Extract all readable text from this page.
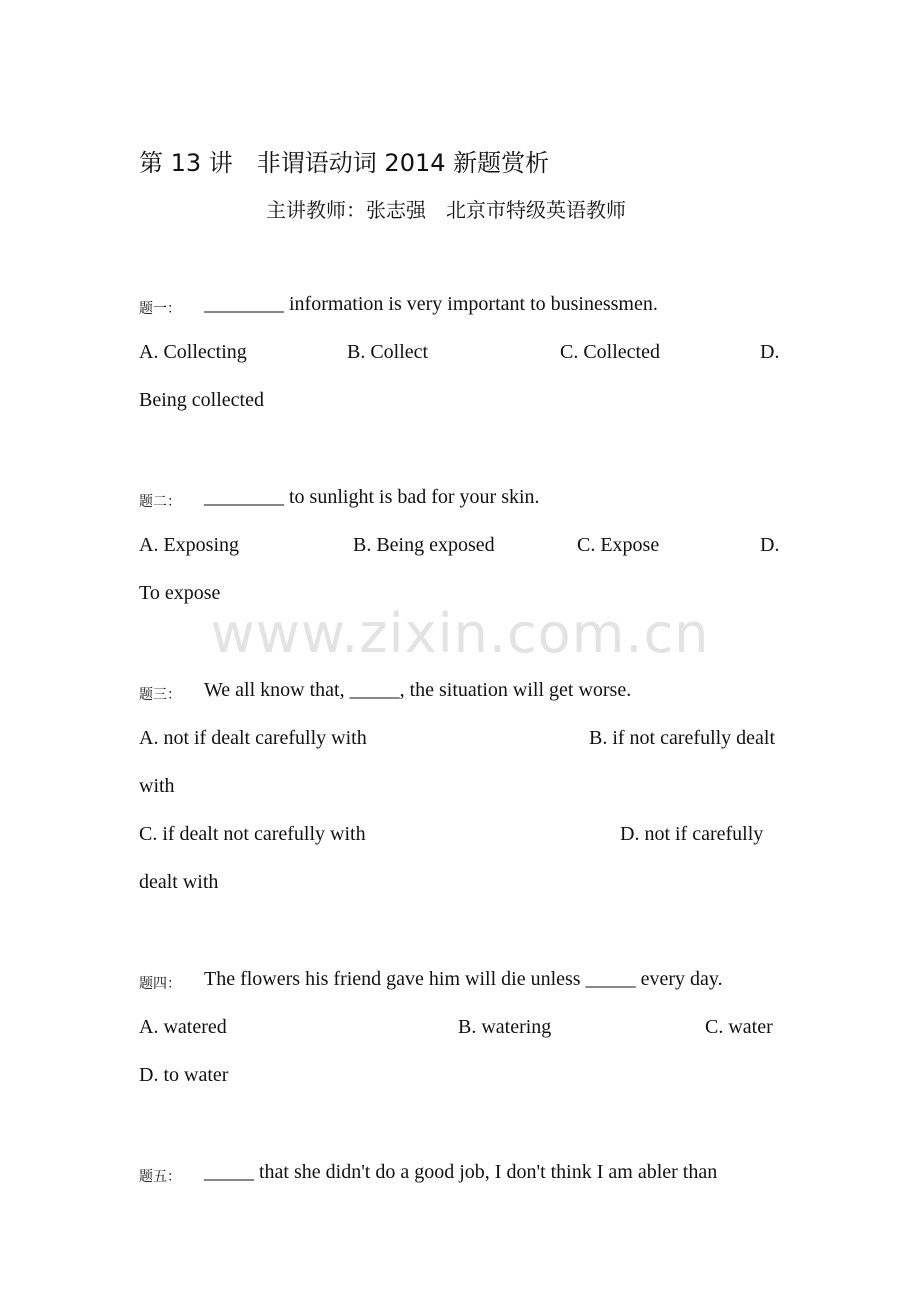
第 13 讲　非谓语动词 2014 新题赏析
主讲教师：张志强　北京市特级英语教师
www.zixin.com.cn
题一： ________ information is very important to businessmen.
A. Collecting	B. Collect	C. Collected	D.
Being collected
题二： ________ to sunlight is bad for your skin.
A. Exposing	B. Being exposed	C. Expose	D.
To expose
题三： We all know that, _____, the situation will get worse.
A. not if dealt carefully with	B. if not carefully dealt
with
C. if dealt not carefully with	D. not if carefully
dealt with
题四： The flowers his friend gave him will die unless _____ every day.
A. watered	B. watering	C. water
D. to water
题五： _____ that she didn't do a good job, I don't think I am abler than
